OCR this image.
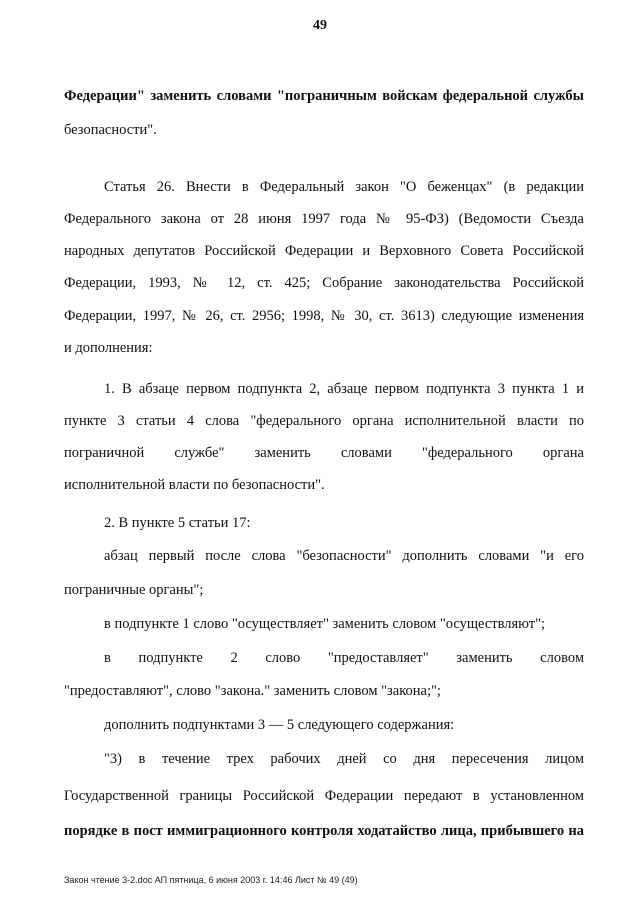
49
Федерации" заменить словами "пограничным войскам федеральной службы
безопасности".
Статья 26. Внести в Федеральный закон "О беженцах" (в редакции
Федерального закона от 28 июня 1997 года № 95-ФЗ) (Ведомости Съезда
народных депутатов Российской Федерации и Верховного Совета Российской
Федерации, 1993, № 12, ст. 425; Собрание законодательства Российской
Федерации, 1997, № 26, ст. 2956; 1998, № 30, ст. 3613) следующие изменения
и дополнения:
1. В абзаце первом подпункта 2, абзаце первом подпункта 3 пункта 1 и
пункте 3 статьи 4 слова "федерального органа исполнительной власти по
пограничной службе" заменить словами "федерального органа
исполнительной власти по безопасности".
2. В пункте 5 статьи 17:
абзац первый после слова "безопасности" дополнить словами "и его
пограничные органы";
в подпункте 1 слово "осуществляет" заменить словом "осуществляют";
в подпункте 2 слово "предоставляет" заменить словом
"предоставляют", слово "закона." заменить словом "закона;";
дополнить подпунктами 3 — 5 следующего содержания:
"3) в течение трех рабочих дней со дня пересечения лицом
Государственной границы Российской Федерации передают в установленном
порядке в пост иммиграционного контроля ходатайство лица, прибывшего на
Закон чтение 3-2.doc АП пятница, 6 июня 2003 г. 14:46 Лист № 49 (49)
